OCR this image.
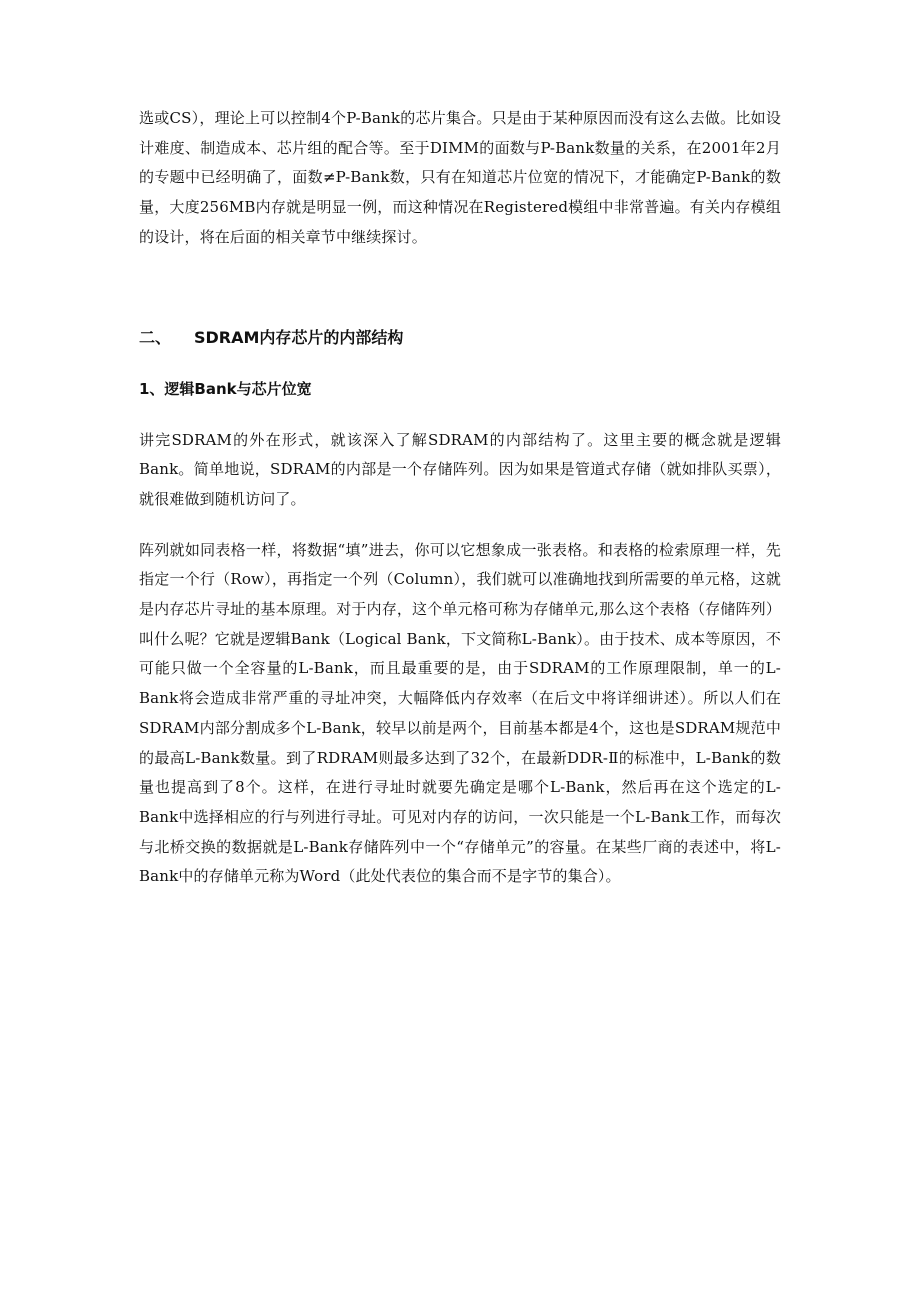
选或CS），理论上可以控制4个P-Bank的芯片集合。只是由于某种原因而没有这么去做。比如设计难度、制造成本、芯片组的配合等。至于DIMM的面数与P-Bank数量的关系，在2001年2月的专题中已经明确了，面数≠P-Bank数，只有在知道芯片位宽的情况下，才能确定P-Bank的数量，大度256MB内存就是明显一例，而这种情况在Registered模组中非常普遍。有关内存模组的设计，将在后面的相关章节中继续探讨。

二、	SDRAM内存芯片的内部结构
1、逻辑Bank与芯片位宽

讲完SDRAM的外在形式，就该深入了解SDRAM的内部结构了。这里主要的概念就是逻辑Bank。简单地说，SDRAM的内部是一个存储阵列。因为如果是管道式存储（就如排队买票），就很难做到随机访问了。

阵列就如同表格一样，将数据“填”进去，你可以它想象成一张表格。和表格的检索原理一样，先指定一个行（Row），再指定一个列（Column），我们就可以准确地找到所需要的单元格，这就是内存芯片寻址的基本原理。对于内存，这个单元格可称为存储单元,那么这个表格（存储阵列）叫什么呢？它就是逻辑Bank（Logical Bank，下文简称L-Bank）。由于技术、成本等原因，不可能只做一个全容量的L-Bank，而且最重要的是，由于SDRAM的工作原理限制，单一的L-Bank将会造成非常严重的寻址冲突，大幅降低内存效率（在后文中将详细讲述）。所以人们在SDRAM内部分割成多个L-Bank，较早以前是两个，目前基本都是4个，这也是SDRAM规范中的最高L-Bank数量。到了RDRAM则最多达到了32个，在最新DDR-Ⅱ的标准中，L-Bank的数量也提高到了8个。这样，在进行寻址时就要先确定是哪个L-Bank，然后再在这个选定的L-Bank中选择相应的行与列进行寻址。可见对内存的访问，一次只能是一个L-Bank工作，而每次与北桥交换的数据就是L-Bank存储阵列中一个“存储单元”的容量。在某些厂商的表述中，将L-Bank中的存储单元称为Word（此处代表位的集合而不是字节的集合）。
